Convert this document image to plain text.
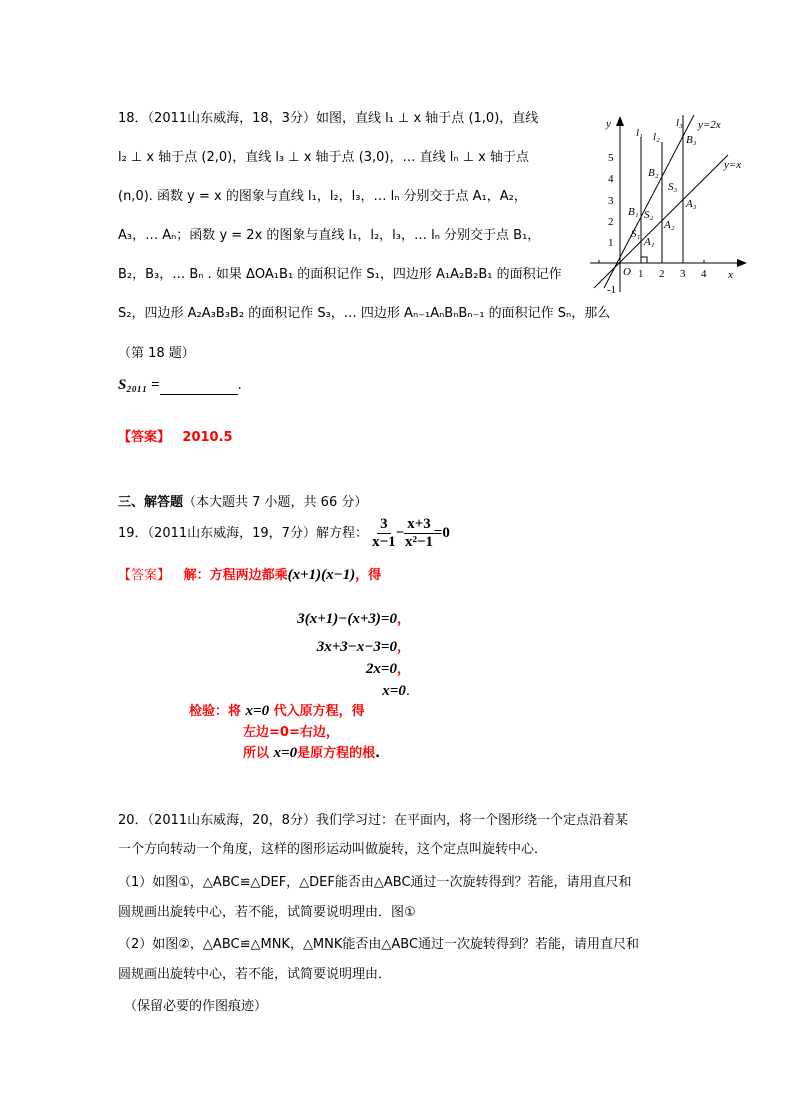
18．（2011山东威海，18，3分）如图，直线 l₁ ⊥ x 轴于点 (1,0)，直线
l₂ ⊥ x 轴于点 (2,0)，直线 l₃ ⊥ x 轴于点 (3,0)，… 直线 lₙ ⊥ x 轴于点
(n,0). 函数 y = x 的图象与直线 l₁，l₂，l₃，… lₙ 分别交于点 A₁，A₂，
A₃，… Aₙ；函数 y = 2x 的图象与直线 l₁，l₂，l₃，… lₙ 分别交于点 B₁，
B₂，B₃，… Bₙ . 如果 ΔOA₁B₁ 的面积记作 S₁，四边形 A₁A₂B₂B₁ 的面积记作
S₂，四边形 A₂A₃B₃B₂ 的面积记作 S₃，… 四边形 Aₙ₋₁AₙBₙBₙ₋₁ 的面积记作 Sₙ，那么
（第 18 题）
S₂₀₁₁ =	.
【答案】 2010.5
y
x
O
-1
1 2 3 4
1
2
3
4
5
l₁ l₂
l₃ y=2x
y=x
B₁
B₂
B₃
A₁
A₂
A₃
S₁
S₂
S₃
三、解答题（本大题共 7 小题，共 66 分）
19．（2011山东威海，19，7分）解方程： $\frac{3}{x-1} - \frac{x+3}{\text{x²−1}} =0$
【答案】 解：方程两边都乘(x+1)(x−1)，得
3(x+1)−(x+3)=0，
3x+3−x−3=0，
2x=0，
x=0.
检验：将 x=0 代入原方程，得
左边=0=右边，
所以 x=0是原方程的根.
20．（2011山东威海，20，8分）我们学习过：在平面内，将一个图形绕一个定点沿着某
一个方向转动一个角度，这样的图形运动叫做旋转，这个定点叫旋转中心．
（1）如图①，△ABC≌△DEF，△DEF能否由△ABC通过一次旋转得到？若能，请用直尺和
圆规画出旋转中心，若不能，试简要说明理由．图①
（2）如图②，△ABC≌△MNK，△MNK能否由△ABC通过一次旋转得到？若能，请用直尺和
圆规画出旋转中心，若不能，试简要说明理由．
（保留必要的作图痕迹）
